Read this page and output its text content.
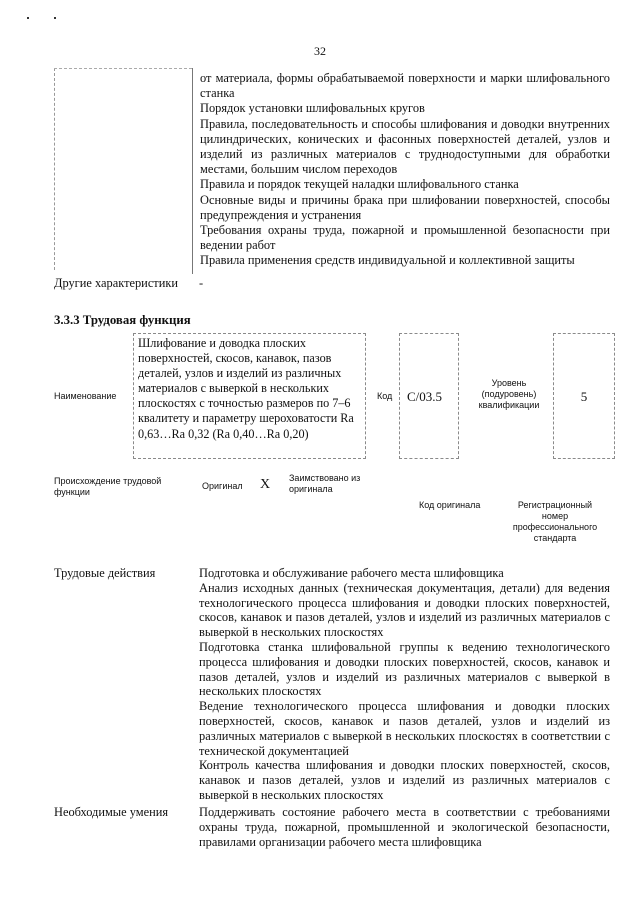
32
от материала, формы обрабатываемой поверхности и марки шлифовального станка
Порядок установки шлифовальных кругов
Правила, последовательность и способы шлифования и доводки внутренних цилиндрических, конических и фасонных поверхностей деталей, узлов и изделий из различных материалов с труднодоступными для обработки местами, большим числом переходов
Правила и порядок текущей наладки шлифовального станка
Основные виды и причины брака при шлифовании поверхностей, способы предупреждения и устранения
Требования охраны труда, пожарной и промышленной безопасности при ведении работ
Правила применения средств индивидуальной и коллективной защиты
Другие характеристики -
3.3.3 Трудовая функция
Наименование
Шлифование и доводка плоских поверхностей, скосов, канавок, пазов деталей, узлов и изделий из различных материалов с выверкой в нескольких плоскостях с точностью размеров по 7–6 квалитету и параметру шероховатости Ra 0,63…Ra 0,32 (Ra 0,40…Ra 0,20)
Код С/03.5
Уровень (подуровень) квалификации
5
Происхождение трудовой функции
Оригинал X Заимствовано из оригинала
Код оригинала	Регистрационный номер профессионального стандарта
Трудовые действия	Подготовка и обслуживание рабочего места шлифовщика
Анализ исходных данных (техническая документация, детали) для ведения технологического процесса шлифования и доводки плоских поверхностей, скосов, канавок и пазов деталей, узлов и изделий из различных материалов с выверкой в нескольких плоскостях
Подготовка станка шлифовальной группы к ведению технологического процесса шлифования и доводки плоских поверхностей, скосов, канавок и пазов деталей, узлов и изделий из различных материалов с выверкой в нескольких плоскостях
Ведение технологического процесса шлифования и доводки плоских поверхностей, скосов, канавок и пазов деталей, узлов и изделий из различных материалов с выверкой в нескольких плоскостях в соответствии с технической документацией
Контроль качества шлифования и доводки плоских поверхностей, скосов, канавок и пазов деталей, узлов и изделий из различных материалов с выверкой в нескольких плоскостях
Необходимые умения Поддерживать состояние рабочего места в соответствии с требованиями охраны труда, пожарной, промышленной и экологической безопасности, правилами организации рабочего места шлифовщика
